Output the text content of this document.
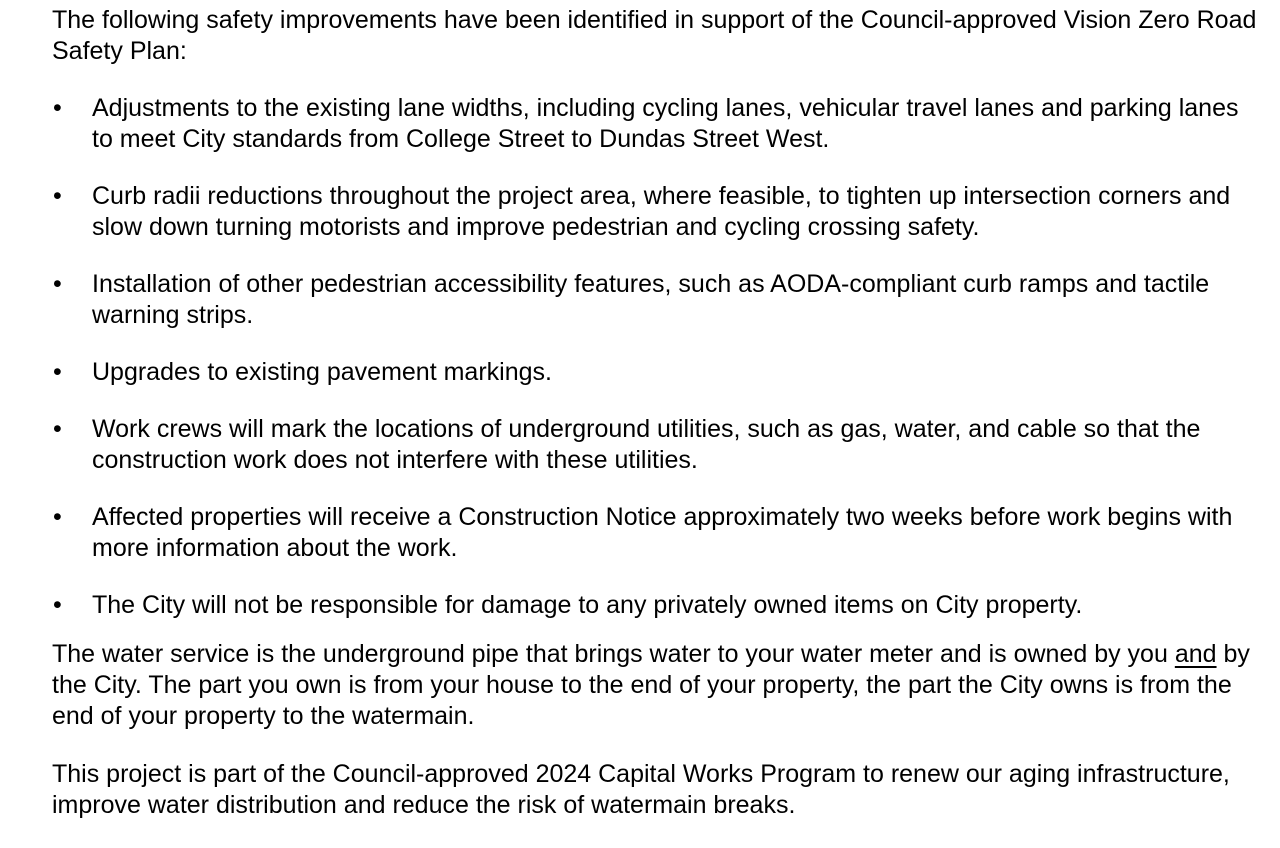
The following safety improvements have been identified in support of the Council-approved Vision Zero Road Safety Plan:

•	Adjustments to the existing lane widths, including cycling lanes, vehicular travel lanes and parking lanes to meet City standards from College Street to Dundas Street West.
•	Curb radii reductions throughout the project area, where feasible, to tighten up intersection corners and slow down turning motorists and improve pedestrian and cycling crossing safety.
•	Installation of other pedestrian accessibility features, such as AODA-compliant curb ramps and tactile warning strips.
•	Upgrades to existing pavement markings.
•	Work crews will mark the locations of underground utilities, such as gas, water, and cable so that the construction work does not interfere with these utilities.
•	Affected properties will receive a Construction Notice approximately two weeks before work begins with more information about the work.
•	The City will not be responsible for damage to any privately owned items on City property.

The water service is the underground pipe that brings water to your water meter and is owned by you and by the City. The part you own is from your house to the end of your property, the part the City owns is from the end of your property to the watermain.

This project is part of the Council-approved 2024 Capital Works Program to renew our aging infrastructure, improve water distribution and reduce the risk of watermain breaks.
